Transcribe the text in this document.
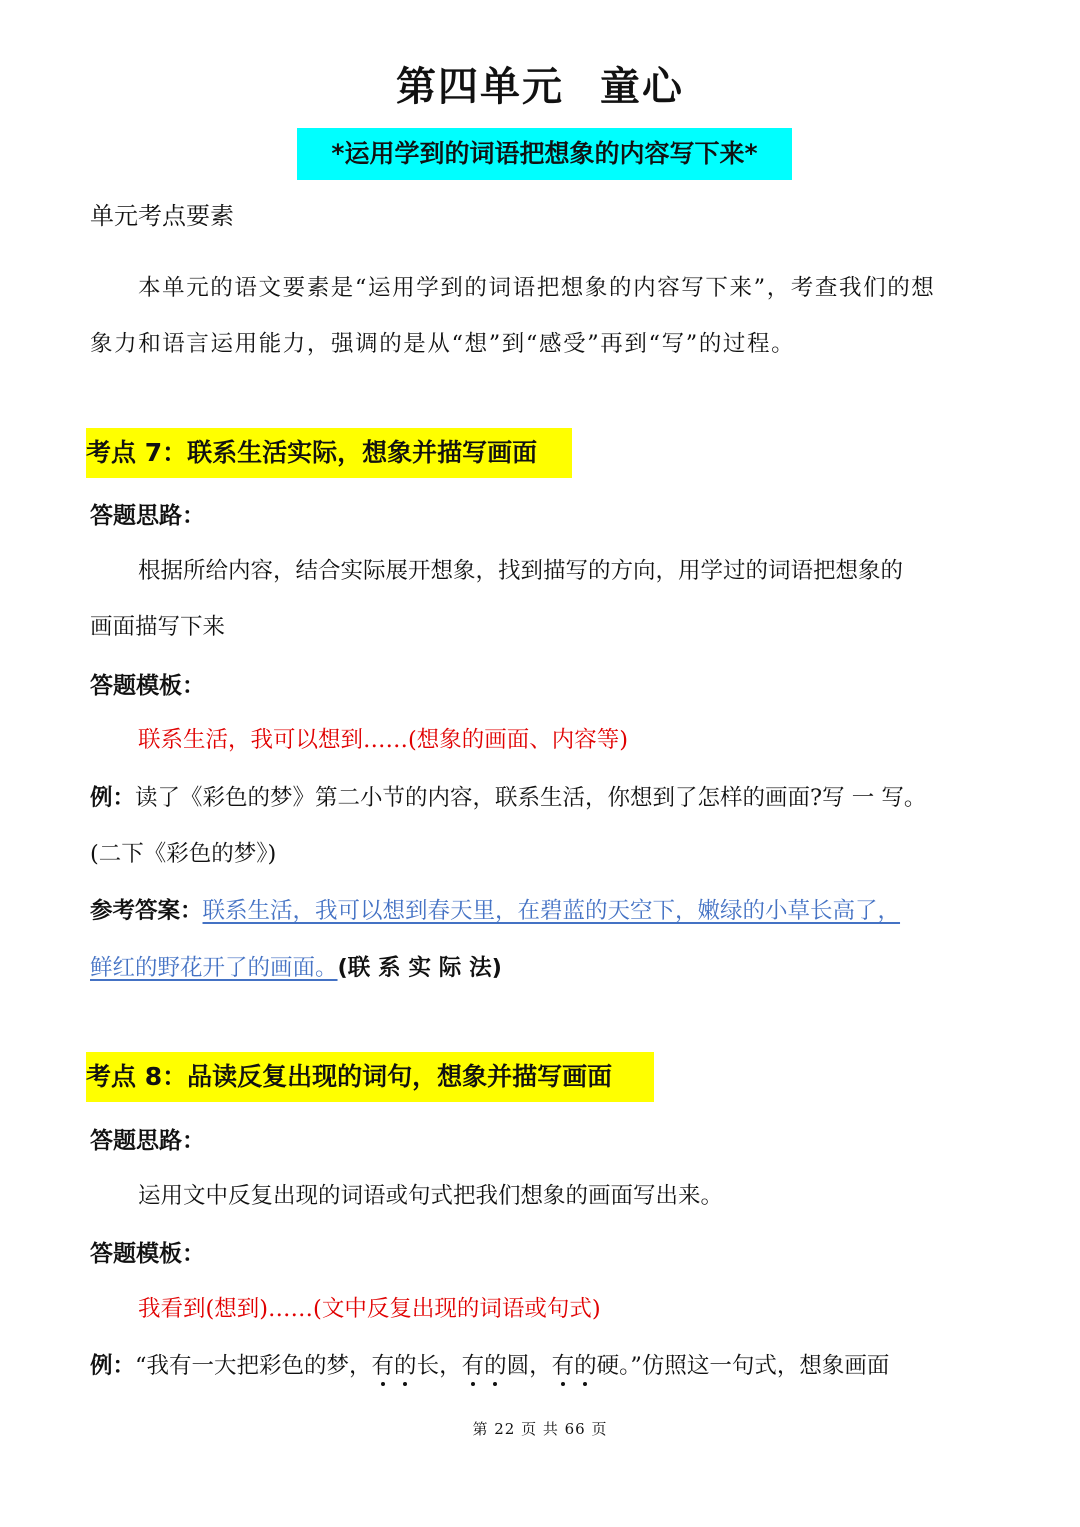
第四单元 童心
*运用学到的词语把想象的内容写下来*
单元考点要素
本单元的语文要素是“运用学到的词语把想象的内容写下来”，考查我们的想
象力和语言运用能力，强调的是从“想”到“感受”再到“写”的过程。
考点 7：联系生活实际，想象并描写画面
答题思路：
根据所给内容，结合实际展开想象，找到描写的方向，用学过的词语把想象的
画面描写下来
答题模板：
联系生活，我可以想到……(想象的画面、内容等)
例：读了《彩色的梦》第二小节的内容，联系生活，你想到了怎样的画面?写 一 写。
(二下《彩色的梦》)
参考答案：联系生活，我可以想到春天里，在碧蓝的天空下，嫩绿的小草长高了，
鲜红的野花开了的画面。(联 系 实 际 法)
考点 8：品读反复出现的词句，想象并描写画面
答题思路：
运用文中反复出现的词语或句式把我们想象的画面写出来。
答题模板：
我看到(想到)……(文中反复出现的词语或句式)
例：“我有一大把彩色的梦，有的长，有的圆，有的硬。”仿照这一句式，想象画面
第 22 页 共 66 页
